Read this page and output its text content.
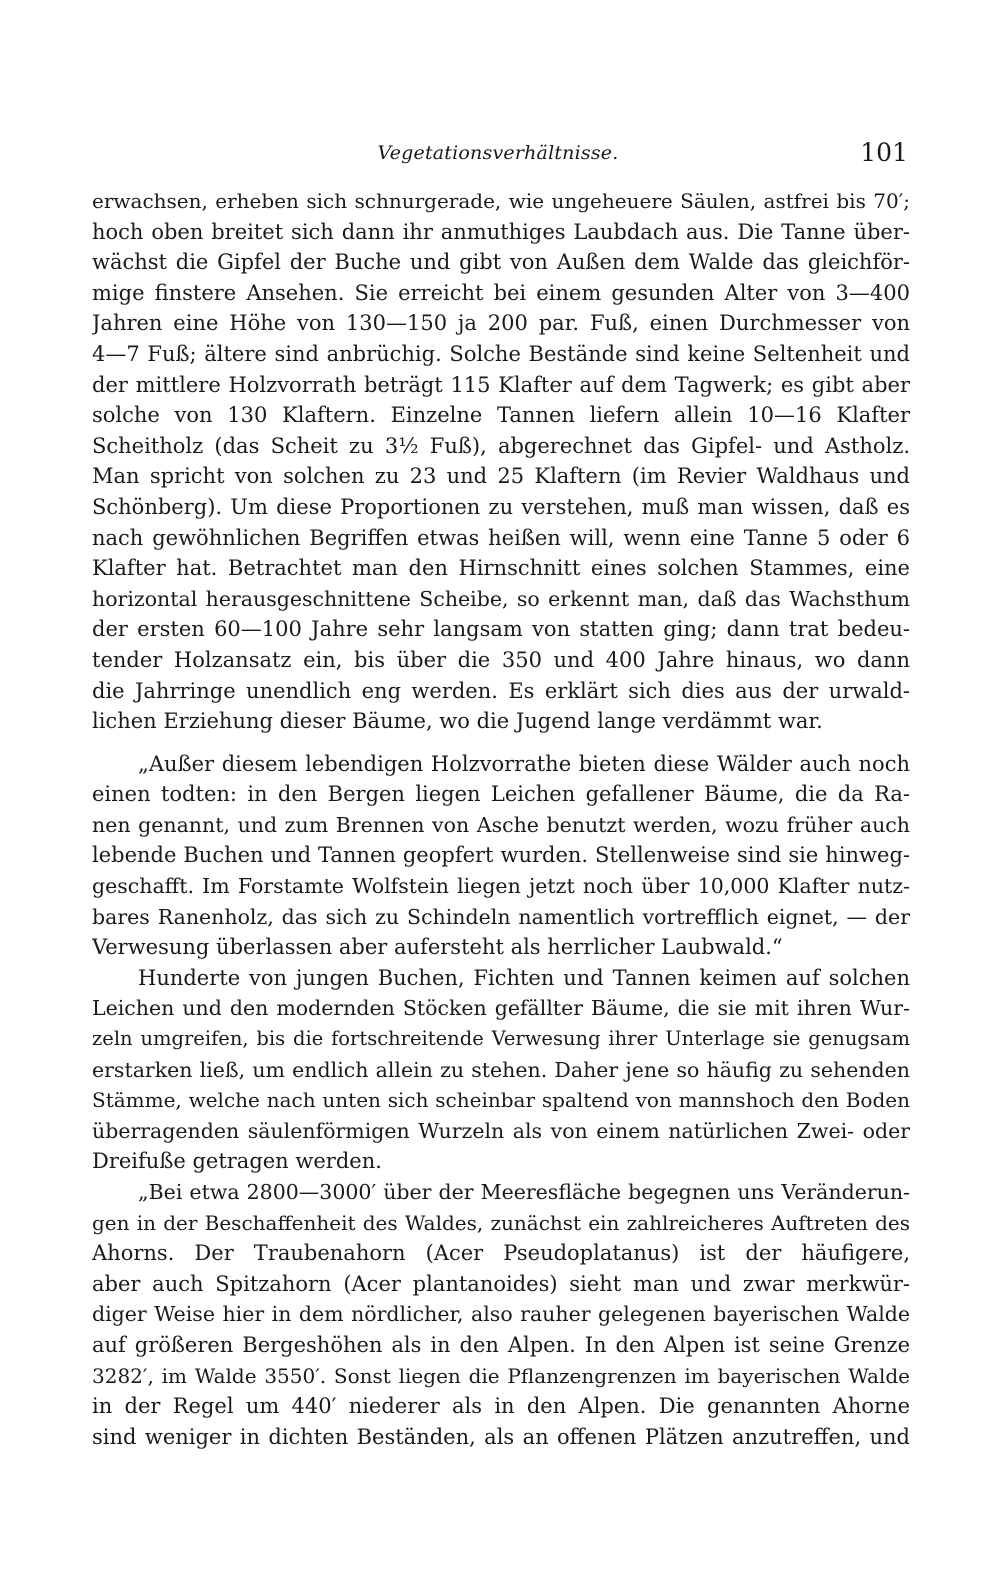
Vegetationsverhältnisse.	101
erwachsen, erheben sich schnurgerade, wie ungeheuere Säulen, astfrei bis 70′;
hoch oben breitet sich dann ihr anmuthiges Laubdach aus. Die Tanne über-
wächst die Gipfel der Buche und gibt von Außen dem Walde das gleichför-
mige finstere Ansehen. Sie erreicht bei einem gesunden Alter von 3—400
Jahren eine Höhe von 130—150 ja 200 par. Fuß, einen Durchmesser von
4—7 Fuß; ältere sind anbrüchig. Solche Bestände sind keine Seltenheit und
der mittlere Holzvorrath beträgt 115 Klafter auf dem Tagwerk; es gibt aber
solche von 130 Klaftern. Einzelne Tannen liefern allein 10—16 Klafter
Scheitholz (das Scheit zu 3½ Fuß), abgerechnet das Gipfel- und Astholz.
Man spricht von solchen zu 23 und 25 Klaftern (im Revier Waldhaus und
Schönberg). Um diese Proportionen zu verstehen, muß man wissen, daß es
nach gewöhnlichen Begriffen etwas heißen will, wenn eine Tanne 5 oder 6
Klafter hat. Betrachtet man den Hirnschnitt eines solchen Stammes, eine
horizontal herausgeschnittene Scheibe, so erkennt man, daß das Wachsthum
der ersten 60—100 Jahre sehr langsam von statten ging; dann trat bedeu-
tender Holzansatz ein, bis über die 350 und 400 Jahre hinaus, wo dann
die Jahrringe unendlich eng werden. Es erklärt sich dies aus der urwald-
lichen Erziehung dieser Bäume, wo die Jugend lange verdämmt war.
„Außer diesem lebendigen Holzvorrathe bieten diese Wälder auch noch
einen todten: in den Bergen liegen Leichen gefallener Bäume, die da Ra-
nen genannt, und zum Brennen von Asche benutzt werden, wozu früher auch
lebende Buchen und Tannen geopfert wurden. Stellenweise sind sie hinweg-
geschafft. Im Forstamte Wolfstein liegen jetzt noch über 10,000 Klafter nutz-
bares Ranenholz, das sich zu Schindeln namentlich vortrefflich eignet, — der
Verwesung überlassen aber aufersteht als herrlicher Laubwald.“
Hunderte von jungen Buchen, Fichten und Tannen keimen auf solchen
Leichen und den modernden Stöcken gefällter Bäume, die sie mit ihren Wur-
zeln umgreifen, bis die fortschreitende Verwesung ihrer Unterlage sie genugsam
erstarken ließ, um endlich allein zu stehen. Daher jene so häufig zu sehenden
Stämme, welche nach unten sich scheinbar spaltend von mannshoch den Boden
überragenden säulenförmigen Wurzeln als von einem natürlichen Zwei- oder
Dreifuße getragen werden.
„Bei etwa 2800—3000′ über der Meeresfläche begegnen uns Veränderun-
gen in der Beschaffenheit des Waldes, zunächst ein zahlreicheres Auftreten des
Ahorns. Der Traubenahorn (Acer Pseudoplatanus) ist der häufigere,
aber auch Spitzahorn (Acer plantanoides) sieht man und zwar merkwür-
diger Weise hier in dem nördlicher, also rauher gelegenen bayerischen Walde
auf größeren Bergeshöhen als in den Alpen. In den Alpen ist seine Grenze
3282′, im Walde 3550′. Sonst liegen die Pflanzengrenzen im bayerischen Walde
in der Regel um 440′ niederer als in den Alpen. Die genannten Ahorne
sind weniger in dichten Beständen, als an offenen Plätzen anzutreffen, und
